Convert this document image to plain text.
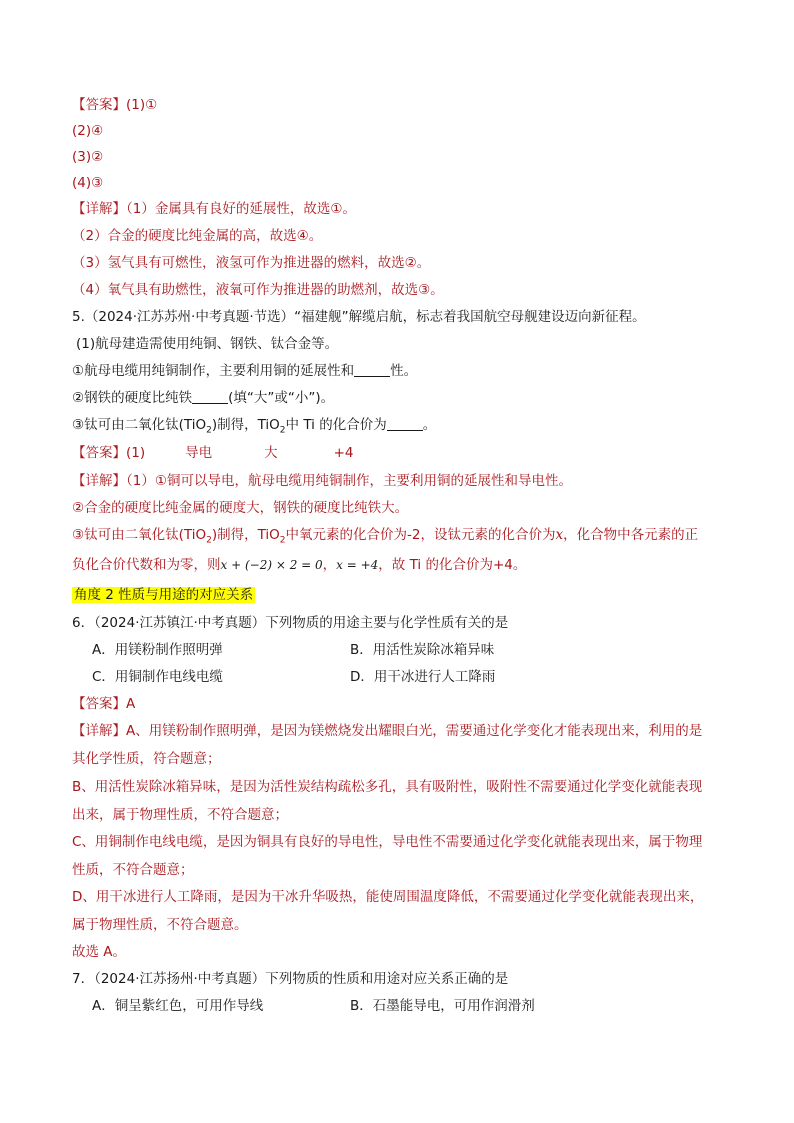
【答案】(1)①
(2)④
(3)②
(4)③
【详解】（1）金属具有良好的延展性，故选①。
（2）合金的硬度比纯金属的高，故选④。
（3）氢气具有可燃性，液氢可作为推进器的燃料，故选②。
（4）氧气具有助燃性，液氧可作为推进器的助燃剂，故选③。
5.（2024·江苏苏州·中考真题·节选）“福建舰”解缆启航，标志着我国航空母舰建设迈向新征程。
(1)航母建造需使用纯铜、钢铁、钛合金等。
①航母电缆用纯铜制作，主要利用铜的延展性和	性。
②钢铁的硬度比纯铁	(填“大”或“小”)。
③钛可由二氧化钛(TiO$_2$)制得，TiO$_2$中 Ti 的化合价为	。
【答案】(1)	导电	大	+4
【详解】（1）①铜可以导电，航母电缆用纯铜制作，主要利用铜的延展性和导电性。
②合金的硬度比纯金属的硬度大，钢铁的硬度比纯铁大。
③钛可由二氧化钛(TiO$_2$)制得，TiO$_2$中氧元素的化合价为-2，设钛元素的化合价为x，化合物中各元素的正
负化合价代数和为零，则x + (−2) × 2 = 0，x = +4，故 Ti 的化合价为+4。
角度 2 性质与用途的对应关系
6．（2024·江苏镇江·中考真题）下列物质的用途主要与化学性质有关的是
A．用镁粉制作照明弹	B．用活性炭除冰箱异味
C．用铜制作电线电缆	D．用干冰进行人工降雨
【答案】A
【详解】A、用镁粉制作照明弹，是因为镁燃烧发出耀眼白光，需要通过化学变化才能表现出来，利用的是
其化学性质，符合题意；
B、用活性炭除冰箱异味，是因为活性炭结构疏松多孔，具有吸附性，吸附性不需要通过化学变化就能表现
出来，属于物理性质，不符合题意；
C、用铜制作电线电缆，是因为铜具有良好的导电性，导电性不需要通过化学变化就能表现出来，属于物理
性质，不符合题意；
D、用干冰进行人工降雨，是因为干冰升华吸热，能使周围温度降低，不需要通过化学变化就能表现出来，
属于物理性质，不符合题意。
故选 A。
7．（2024·江苏扬州·中考真题）下列物质的性质和用途对应关系正确的是
A．铜呈紫红色，可用作导线	B．石墨能导电，可用作润滑剂
